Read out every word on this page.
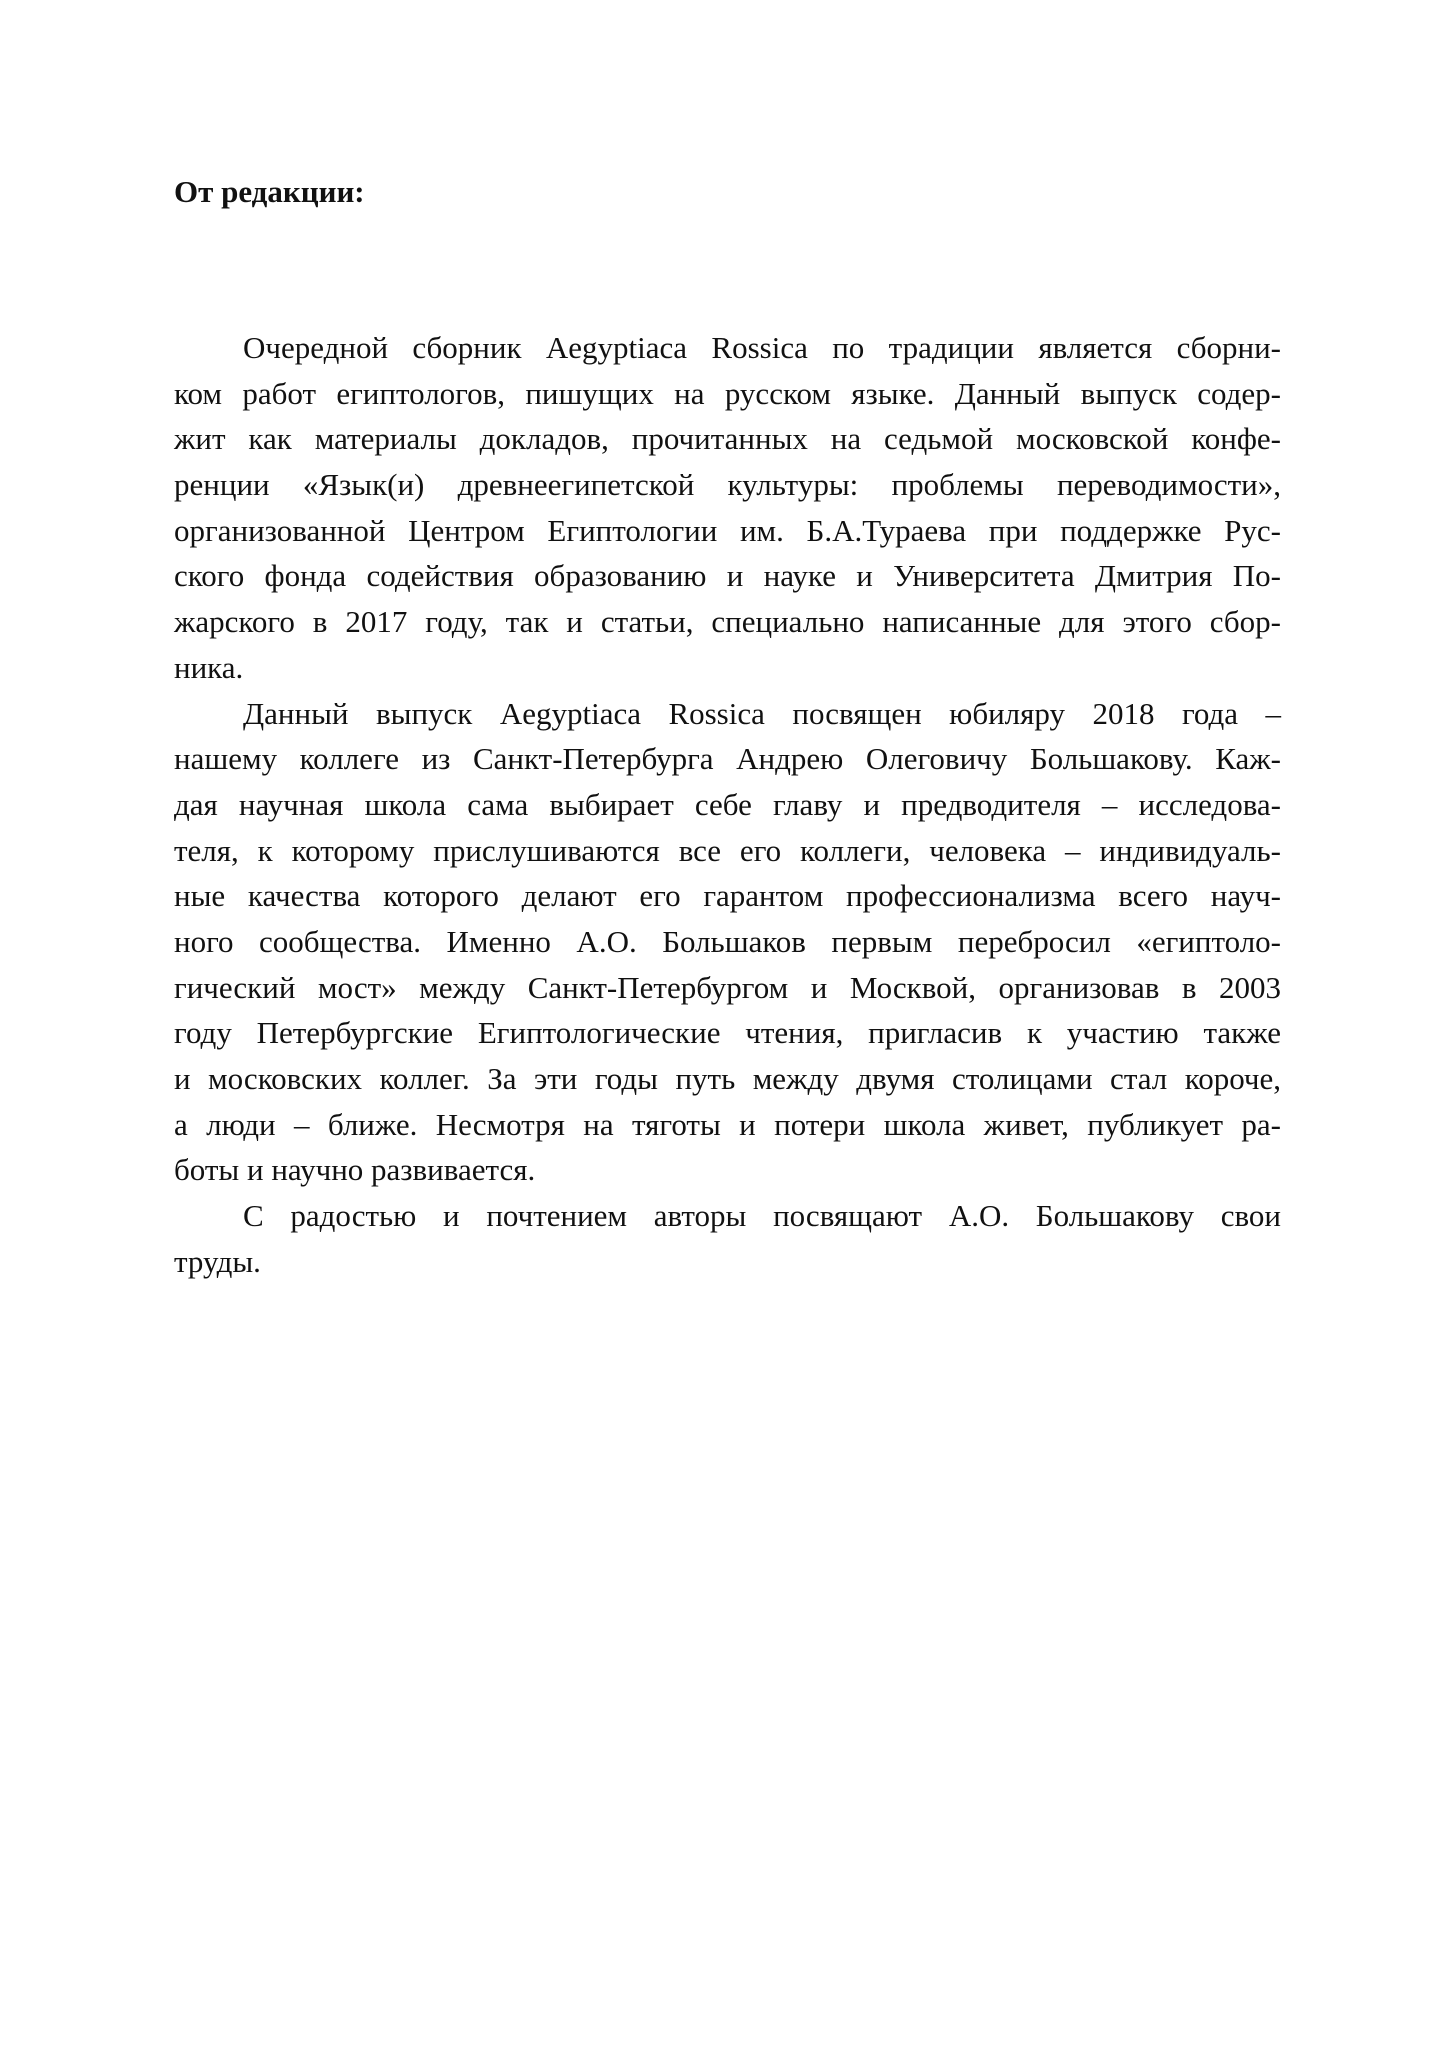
От редакции:

Очередной сборник Aegyptiaca Rossica по традиции является сборни-
ком работ египтологов, пишущих на русском языке. Данный выпуск содер-
жит как материалы докладов, прочитанных на седьмой московской конфе-
ренции «Язык(и) древнеегипетской культуры: проблемы переводимости»,
организованной Центром Египтологии им. Б.А.Тураева при поддержке Рус-
ского фонда содействия образованию и науке и Университета Дмитрия По-
жарского в 2017 году, так и статьи, специально написанные для этого сбор-
ника.

Данный выпуск Aegyptiaca Rossica посвящен юбиляру 2018 года –
нашему коллеге из Санкт-Петербурга Андрею Олеговичу Большакову. Каж-
дая научная школа сама выбирает себе главу и предводителя – исследова-
теля, к которому прислушиваются все его коллеги, человека – индивидуаль-
ные качества которого делают его гарантом профессионализма всего науч-
ного сообщества. Именно А.О. Большаков первым перебросил «египтоло-
гический мост» между Санкт-Петербургом и Москвой, организовав в 2003
году Петербургские Египтологические чтения, пригласив к участию также
и московских коллег. За эти годы путь между двумя столицами стал короче,
а люди – ближе. Несмотря на тяготы и потери школа живет, публикует ра-
боты и научно развивается.

С радостью и почтением авторы посвящают А.О. Большакову свои
труды.
